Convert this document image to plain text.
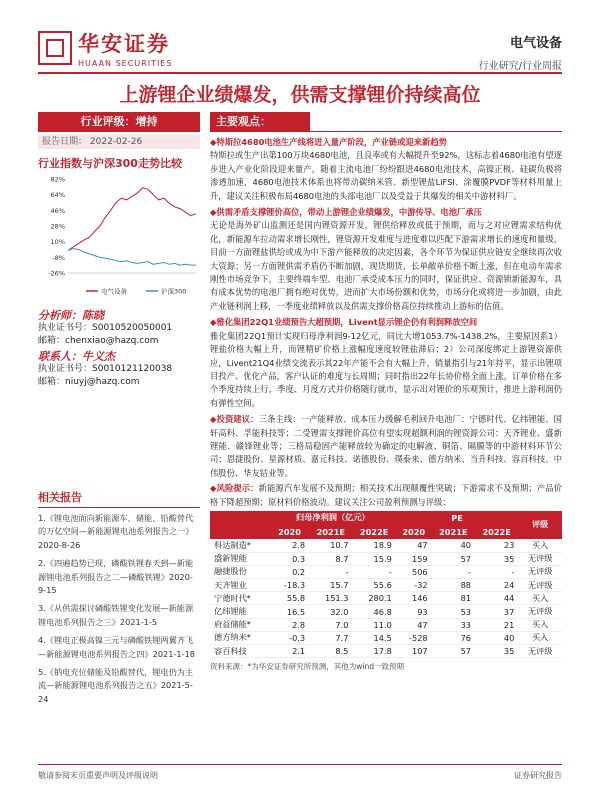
华安证券
HUAAN SECURITIES
电气设备
行业研究/行业周报
上游锂企业绩爆发，供需支撑锂价持续高位
行业评级：增持
报告日期： 2022-02-26
行业指数与沪深300走势比较
82%
64%
46%
28%
10%
-8%
-26%
电气设备	沪深300
分析师：陈晓
执业证书号：S0010520050001
邮箱：chenxiao@hazq.com
联系人：牛义杰
执业证书号：S0010121120038
邮箱：niuyj@hazq.com
相关报告

1.《锂电池面向新能源车、储能、铅酸替代的万亿空间—新能源锂电池系列报告之一》2020-8-26

2.《四遍趋势已现，磷酸铁锂春天到—新能源锂电池系列报告之二—磷酸铁锂》2020-9-15

3.《从供需探讨磷酸铁锂变化发展—新能源锂电池系列报告之三》2021-1-5

4.《锂电正极高镍三元与磷酸铁锂两翼齐飞—新能源锂电池系列报告之四》2021-1-18

5.《钠电充位储能及铅酸替代，锂电仍为主流—新能源锂电池系列报告之五》2021-5-24

主要观点：
◆特斯拉4680电池生产线将进入量产阶段，产业链或迎来新趋势
特斯拉或生产出第100万块4680电池，且良率或有大幅提升至92%，这标志着4680电池有望逐步进入产业化阶段迎来量产，随着主流电池厂纷纷跟进4680电池技术，高镍正极、硅碳负极将渗透加速，4680电池技术体系也将带动碳纳米管、新型锂盐LiFSI、涂覆膜PVDF等材料用量上升，建议关注积极布局4680电池的头部电池厂以及受益于其爆发的相关中游材料厂。
◆供需矛盾支撑锂价高位，带动上游锂企业绩爆发，中游传导、电池厂承压
无论是海外矿山监测还是国内锂资源开发，锂供给释放或低于预期，而与之对应锂需求结构优化，新能源车拉动需求增长刚性，锂资源开发难度与进度难以匹配下游需求增长的速度和量级，目前一方面锂盐供给或成为中下游产能释放的决定因素，各个环节为保证供应链安全继续再次收大资源；另一方面锂供需矛盾仍不断加剧，现货期货、长单敞单价格不断上涨，但在电动车需求刚性市场竞争下，主要终端车型、电池厂承受成本压力的同时，保证供应、资源锁新能源车，具有成本优势的电池厂拥有绝对优势，进而扩大市场份额和优势，市场分化或将进一步加剧，由此产业链利润上移，一季度业绩释放以及供需支撑价格高位持续推动上游标的估值。
◆雅化集团22Q1业绩预告大超预期，Livent显示锂企仍有利润释放空间
雅化集团22Q1预计实现归母净利润9-12亿元，同比大增1053.7%-1438.2%，主要原因系1）锂盐价格大幅上升，而锂精矿价格上涨幅度速度较锂盐滞后；2）公司深度绑定上游锂资源供应，Livent21Q4业绩交流表示其22年产能不会有大幅上升，销量指引与21年持平，显示出锂项目投产、优化产品，客户认证的难度与长周期；同时指出22年长协价格全面上涨，订单价格在多个季度持续上行，季度、月度方式并价格随行就市，显示出对锂价的乐观预计，推进上游利润仍有弹性空间。
◆投资建议：三条主线：一产能释放、成本压力缓解毛利回升电池厂：宁德时代、亿纬锂能、国轩高科、孚能科技等；二受锂需支撑锂价高位有望实现超额利润的锂资源公司：天齐锂业、盛新锂能、赣锋锂业等；三格局稳固产能释放较为确定的电解液、铜箔、隔膜等的中游材料环节公司：恩捷股份、星源材质、嘉元科技、诺德股份、璞泰来、德方纳米、当升科技、容百科技、中伟股份、华友钴业等。
◆风险提示：新能源汽车发展不及预期；相关技术出现颠覆性突破；下游需求不及预期；产品价格下降超预期；原材料价格波动。建议关注公司盈利预测与评级：
	归母净利润（亿元）			PE			评级
	2020	2021E	2022E	2020	2021E	2022E	
科达制造*	2.8	10.7	18.9	47	40	23	买入
盛新锂能	0.3	8.7	15.9	159	57	35	无评级
融捷股份	0.2	-	-	506	-	-	无评级
天齐锂业	-18.3	15.7	55.6	-32	88	24	无评级
宁德时代*	55.8	151.3	280.1	146	81	44	买入
亿纬锂能	16.5	32.0	46.8	93	53	37	无评级
府益储能*	2.8	7.0	11.0	47	33	21	买入
德方纳米*	-0.3	7.7	14.5	-528	76	40	买入
容百科技	2.1	8.5	17.8	107	57	35	无评级
资料来源：*为华安证券研究所预测，其他为wind一致预期
敬请参阅末页重要声明及评级说明	证券研究报告
